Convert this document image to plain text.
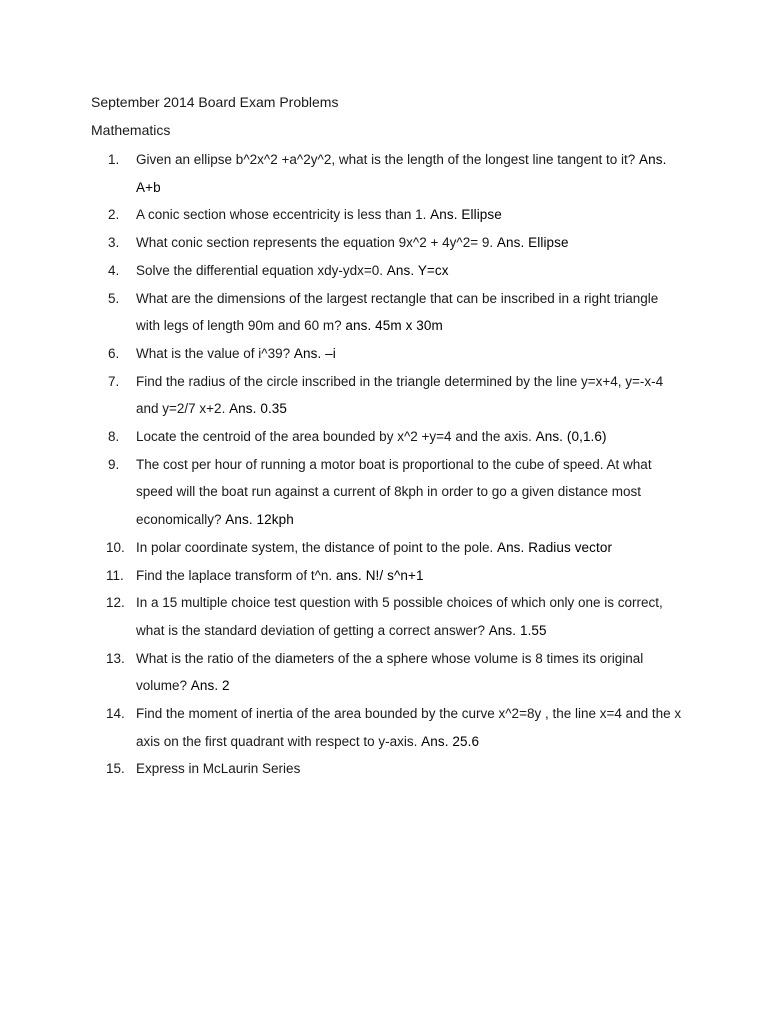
September 2014 Board Exam Problems
Mathematics
1.	Given an ellipse b^2x^2 +a^2y^2, what is the length of the longest line tangent to it? Ans. A+b
2.	A conic section whose eccentricity is less than 1. Ans. Ellipse
3.	What conic section represents the equation 9x^2 + 4y^2= 9. Ans. Ellipse
4.	Solve the differential equation xdy-ydx=0. Ans. Y=cx
5.	What are the dimensions of the largest rectangle that can be inscribed in a right triangle with legs of length 90m and 60 m? ans. 45m x 30m
6.	What is the value of i^39? Ans. –i
7.	Find the radius of the circle inscribed in the triangle determined by the line y=x+4, y=-x-4 and y=2/7 x+2. Ans. 0.35
8.	Locate the centroid of the area bounded by x^2 +y=4 and the axis. Ans. (0,1.6)
9.	The cost per hour of running a motor boat is proportional to the cube of speed. At what speed will the boat run against a current of 8kph in order to go a given distance most economically? Ans. 12kph
10. In polar coordinate system, the distance of point to the pole. Ans. Radius vector
11. Find the laplace transform of t^n. ans. N!/ s^n+1
12. In a 15 multiple choice test question with 5 possible choices of which only one is correct, what is the standard deviation of getting a correct answer? Ans. 1.55
13. What is the ratio of the diameters of the a sphere whose volume is 8 times its original volume? Ans. 2
14. Find the moment of inertia of the area bounded by the curve x^2=8y , the line x=4 and the x axis on the first quadrant with respect to y-axis. Ans. 25.6
15. Express in McLaurin Series
